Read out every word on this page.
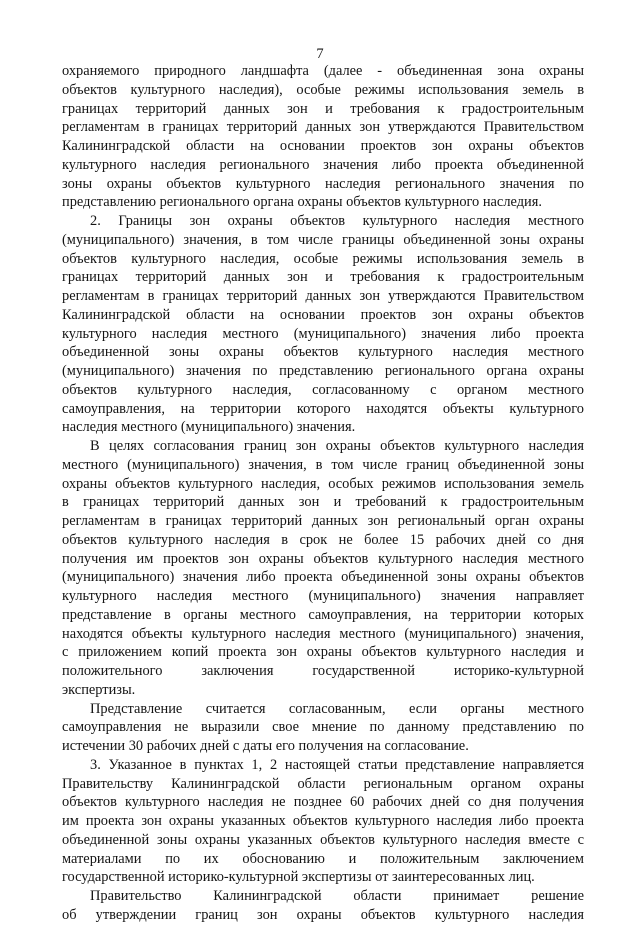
7
охраняемого природного ландшафта (далее - объединенная зона охраны
объектов культурного наследия), особые режимы использования земель в
границах территорий данных зон и требования к градостроительным
регламентам в границах территорий данных зон утверждаются Правительством
Калининградской области на основании проектов зон охраны объектов
культурного наследия регионального значения либо проекта объединенной
зоны охраны объектов культурного наследия регионального значения по
представлению регионального органа охраны объектов культурного наследия.
2. Границы зон охраны объектов культурного наследия местного
(муниципального) значения, в том числе границы объединенной зоны охраны
объектов культурного наследия, особые режимы использования земель в
границах территорий данных зон и требования к градостроительным
регламентам в границах территорий данных зон утверждаются Правительством
Калининградской области на основании проектов зон охраны объектов
культурного наследия местного (муниципального) значения либо проекта
объединенной зоны охраны объектов культурного наследия местного
(муниципального) значения по представлению регионального органа охраны
объектов культурного наследия, согласованному с органом местного
самоуправления, на территории которого находятся объекты культурного
наследия местного (муниципального) значения.
В целях согласования границ зон охраны объектов культурного наследия
местного (муниципального) значения, в том числе границ объединенной зоны
охраны объектов культурного наследия, особых режимов использования земель
в границах территорий данных зон и требований к градостроительным
регламентам в границах территорий данных зон региональный орган охраны
объектов культурного наследия в срок не более 15 рабочих дней со дня
получения им проектов зон охраны объектов культурного наследия местного
(муниципального) значения либо проекта объединенной зоны охраны объектов
культурного наследия местного (муниципального) значения направляет
представление в органы местного самоуправления, на территории которых
находятся объекты культурного наследия местного (муниципального) значения,
с приложением копий проекта зон охраны объектов культурного наследия и
положительного заключения государственной историко-культурной
экспертизы.
Представление считается согласованным, если органы местного
самоуправления не выразили свое мнение по данному представлению по
истечении 30 рабочих дней с даты его получения на согласование.
3. Указанное в пунктах 1, 2 настоящей статьи представление направляется
Правительству Калининградской области региональным органом охраны
объектов культурного наследия не позднее 60 рабочих дней со дня получения
им проекта зон охраны указанных объектов культурного наследия либо проекта
объединенной зоны охраны указанных объектов культурного наследия вместе с
материалами по их обоснованию и положительным заключением
государственной историко-культурной экспертизы от заинтересованных лиц.
Правительство Калининградской области принимает решение
об утверждении границ зон охраны объектов культурного наследия
